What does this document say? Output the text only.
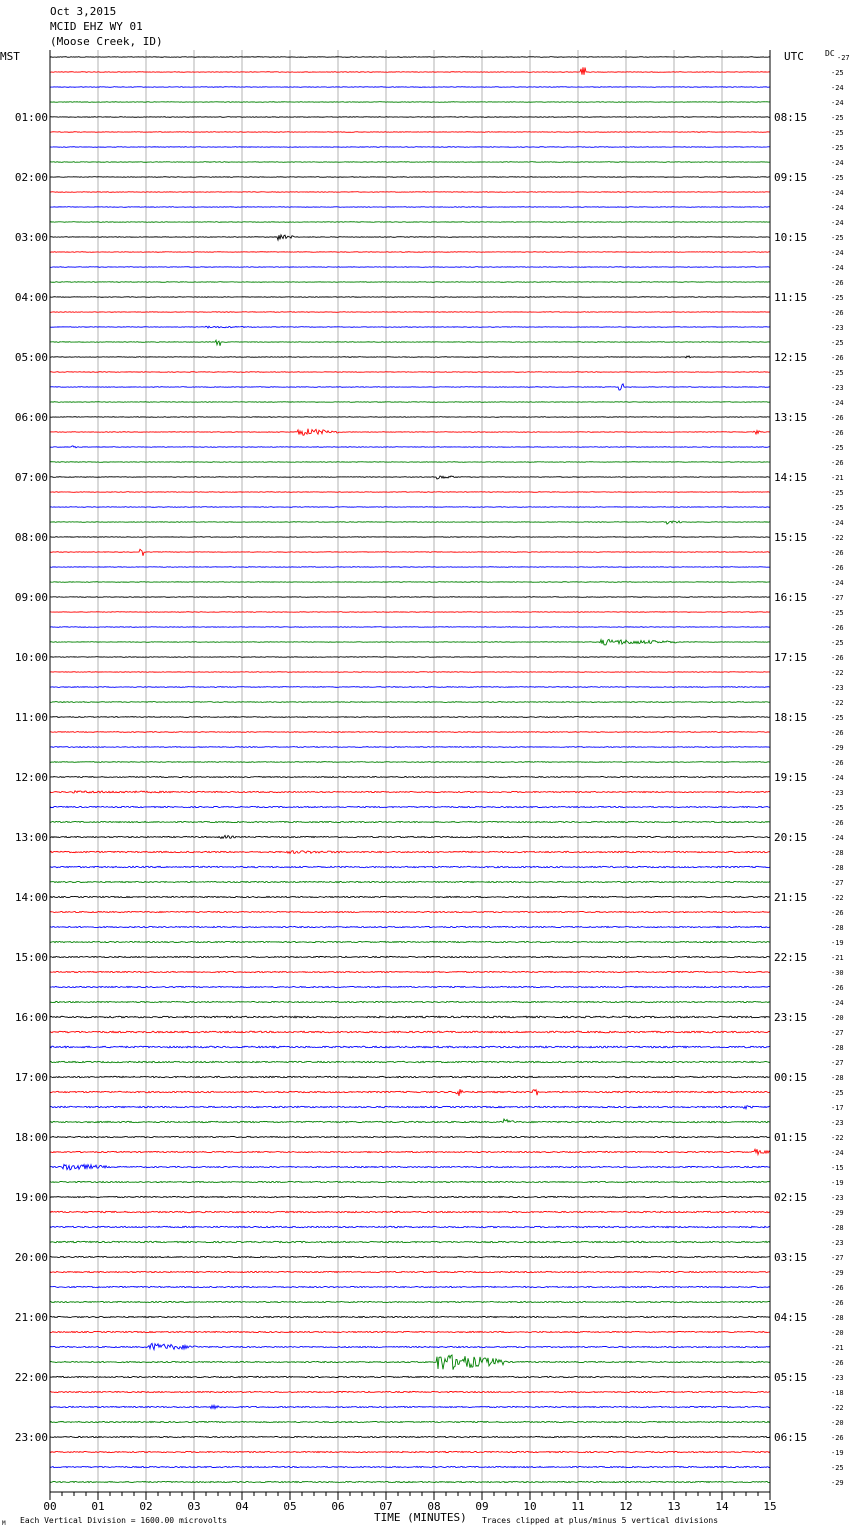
Oct 3,2015
MCID EHZ WY 01
(Moose Creek, ID)
MST	UTC	DC
TIME (MINUTES)
Each Vertical Division = 1600.00 microvolts	Traces clipped at plus/minus 5 vertical divisions
M
00	01	02	03	04	05	06	07	08	09	10	11	12	13	14	15
01:00
02:00
03:00
04:00
05:00
06:00
07:00
08:00
09:00
10:00
11:00
12:00
13:00
14:00
15:00
16:00
17:00
18:00
19:00
20:00
21:00
22:00
23:00
08:15
09:15
10:15
11:15
12:15
13:15
14:15
15:15
16:15
17:15
18:15
19:15
20:15
21:15
22:15
23:15
00:15
01:15
02:15
03:15
04:15
05:15
06:15
-27
-25
-24
-24
-25
-25
-25
-24
-25
-24
-24
-24
-25
-24
-24
-26
-25
-26
-23
-25
-26
-25
-23
-24
-26
-26
-25
-26
-21
-25
-25
-24
-22
-26
-26
-24
-27
-25
-26
-25
-26
-22
-23
-22
-25
-26
-29
-26
-24
-23
-25
-26
-24
-28
-28
-27
-22
-26
-28
-19
-21
-30
-26
-24
-20
-27
-28
-27
-28
-25
-17
-23
-22
-24
-15
-19
-23
-29
-28
-23
-27
-29
-26
-26
-28
-20
-21
-26
-23
-18
-22
-20
-26
-19
-25
-29
